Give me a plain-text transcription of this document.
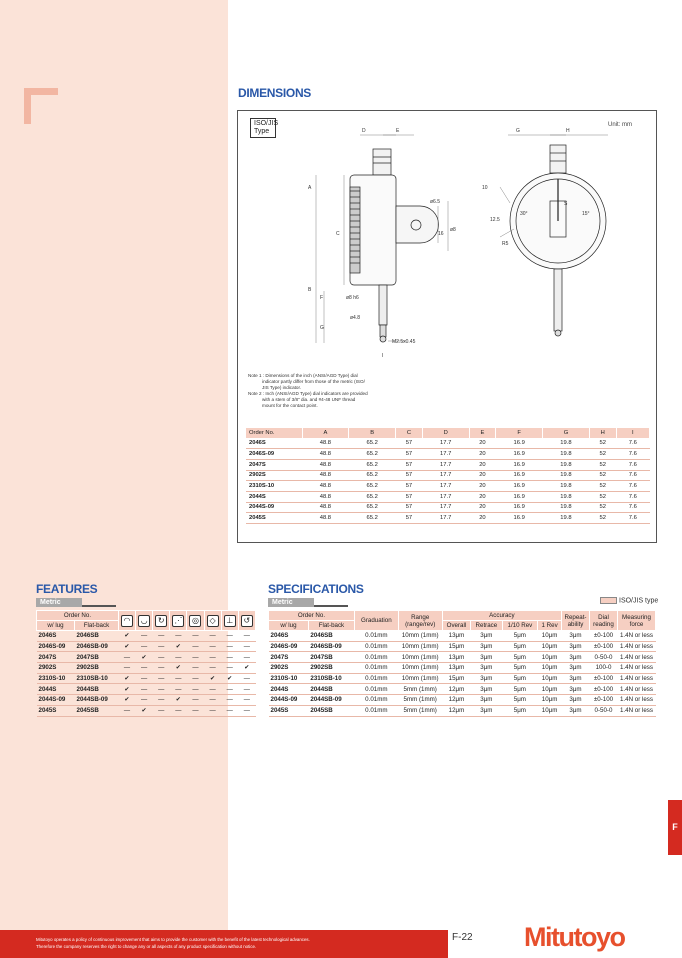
DIMENSIONS
ISO/JIS Type
Unit: mm
D	E
A
B
F
G
C
ø6.5
16
ø8
ø8 h6
ø4.8
M2.5x0.45
I
G	H
S
10
12.5
R5
30°	15°
Note 1 : Dimensions of the inch (ANSI/AGD Type) dial
indicator partly differ from those of the metric (ISO/
JIS Type) indicator.
Note 2 : Inch (ANSI/AGD Type) dial indicators are provided
with a stem of 3/8" dia. and #4-48 UNF thread
mount for the contact point.
Order No.	A	B	C	D	E	F	G	H	I
2046S	48.8	65.2	57	17.7	20	16.9	19.8	52	7.6
2046S-09	48.8	65.2	57	17.7	20	16.9	19.8	52	7.6
2047S	48.8	65.2	57	17.7	20	16.9	19.8	52	7.6
2902S	48.8	65.2	57	17.7	20	16.9	19.8	52	7.6
2310S-10	48.8	65.2	57	17.7	20	16.9	19.8	52	7.6
2044S	48.8	65.2	57	17.7	20	16.9	19.8	52	7.6
2044S-09	48.8	65.2	57	17.7	20	16.9	19.8	52	7.6
2045S	48.8	65.2	57	17.7	20	16.9	19.8	52	7.6
FEATURES
Metric
Order No.		◠	◡	↻	⋰	◎	◇	⊥	↺
w/ lug	Flat-back								
2046S	2046SB	✔	—	—	—	—	—	—	—
2046S-09	2046SB-09	✔	—	—	✔	—	—	—	—
2047S	2047SB	—	✔	—	—	—	—	—	—
2902S	2902SB	—	—	—	✔	—	—	—	✔
2310S-10	2310SB-10	✔	—	—	—	—	✔	✔	—
2044S	2044SB	✔	—	—	—	—	—	—	—
2044S-09	2044SB-09	✔	—	—	✔	—	—	—	—
2045S	2045SB	—	✔	—	—	—	—	—	—
SPECIFICATIONS
Metric	ISO/JIS type
Order No.		Graduation	Range (range/rev)	Accuracy				Repeat-ability	Dial reading	Measuring force
w/ lug	Flat-back			Overall	Retrace	1/10 Rev	1 Rev			
2046S	2046SB	0.01mm	10mm (1mm)	13μm	3μm	5μm	10μm	3μm	±0-100	1.4N or less
2046S-09	2046SB-09	0.01mm	10mm (1mm)	15μm	3μm	5μm	10μm	3μm	±0-100	1.4N or less
2047S	2047SB	0.01mm	10mm (1mm)	13μm	3μm	5μm	10μm	3μm	0-50-0	1.4N or less
2902S	2902SB	0.01mm	10mm (1mm)	13μm	3μm	5μm	10μm	3μm	100-0	1.4N or less
2310S-10	2310SB-10	0.01mm	10mm (1mm)	15μm	3μm	5μm	10μm	3μm	±0-100	1.4N or less
2044S	2044SB	0.01mm	5mm (1mm)	12μm	3μm	5μm	10μm	3μm	±0-100	1.4N or less
2044S-09	2044SB-09	0.01mm	5mm (1mm)	12μm	3μm	5μm	10μm	3μm	±0-100	1.4N or less
2045S	2045SB	0.01mm	5mm (1mm)	12μm	3μm	5μm	10μm	3μm	0-50-0	1.4N or less
F
Mitutoyo operates a policy of continuous improvement that aims to provide the customer with the benefit of the latest technological advances.
Therefore the company reserves the right to change any or all aspects of any product specification without notice.
F-22 Mitutoyo
